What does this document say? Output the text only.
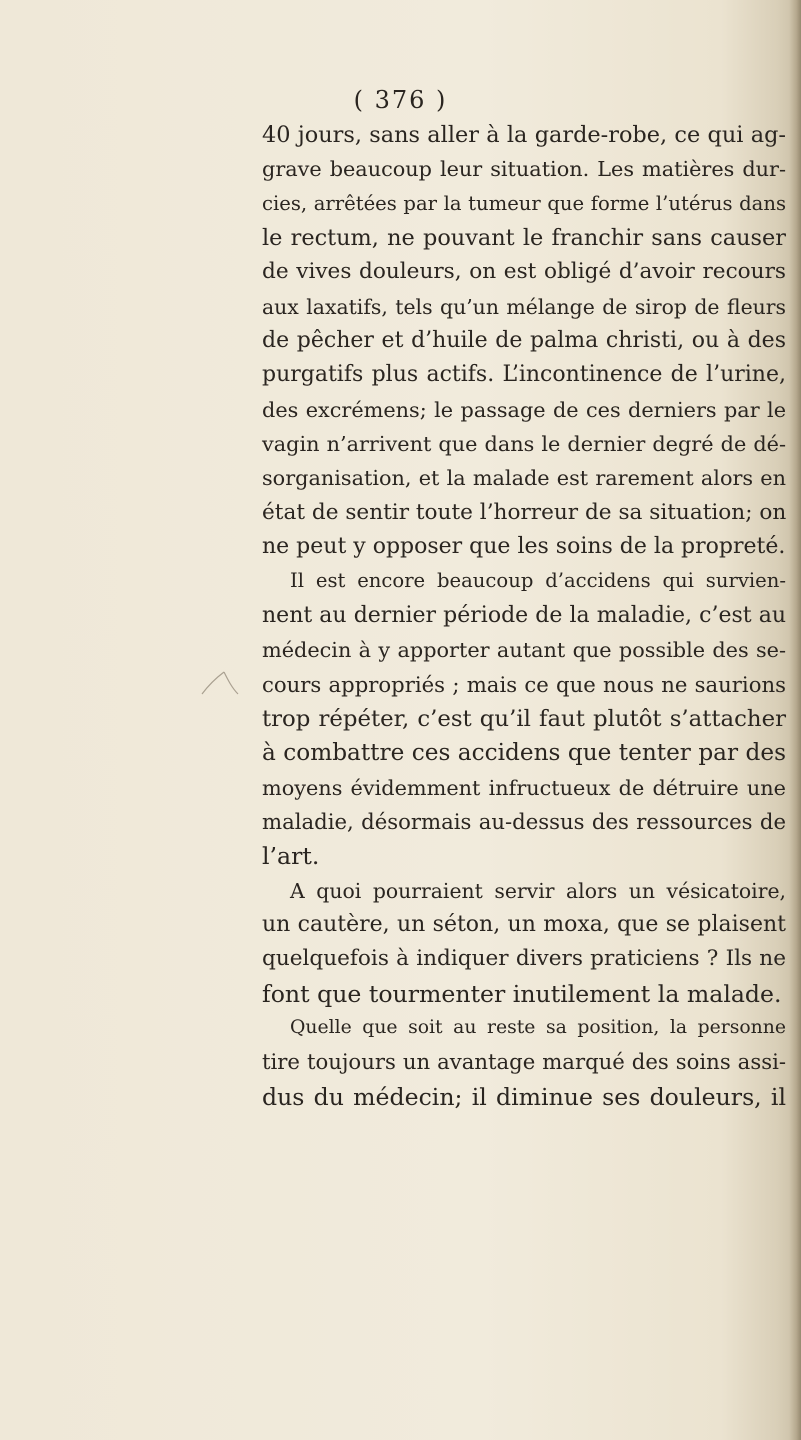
( 376 )
40 jours, sans aller à la garde-robe, ce qui ag-
grave beaucoup leur situation. Les matières dur-
cies, arrêtées par la tumeur que forme l’utérus dans
le rectum, ne pouvant le franchir sans causer
de vives douleurs, on est obligé d’avoir recours
aux laxatifs, tels qu’un mélange de sirop de fleurs
de pêcher et d’huile de palma christi, ou à des
purgatifs plus actifs. L’incontinence de l’urine,
des excrémens; le passage de ces derniers par le
vagin n’arrivent que dans le dernier degré de dé-
sorganisation, et la malade est rarement alors en
état de sentir toute l’horreur de sa situation; on
ne peut y opposer que les soins de la propreté.
Il est encore beaucoup d’accidens qui survien-
nent au dernier période de la maladie, c’est au
médecin à y apporter autant que possible des se-
cours appropriés ; mais ce que nous ne saurions
trop répéter, c’est qu’il faut plutôt s’attacher
à combattre ces accidens que tenter par des
moyens évidemment infructueux de détruire une
maladie, désormais au-dessus des ressources de
l’art.
A quoi pourraient servir alors un vésicatoire,
un cautère, un séton, un moxa, que se plaisent
quelquefois à indiquer divers praticiens ? Ils ne
font que tourmenter inutilement la malade.
Quelle que soit au reste sa position, la personne
tire toujours un avantage marqué des soins assi-
dus du médecin; il diminue ses douleurs, il
